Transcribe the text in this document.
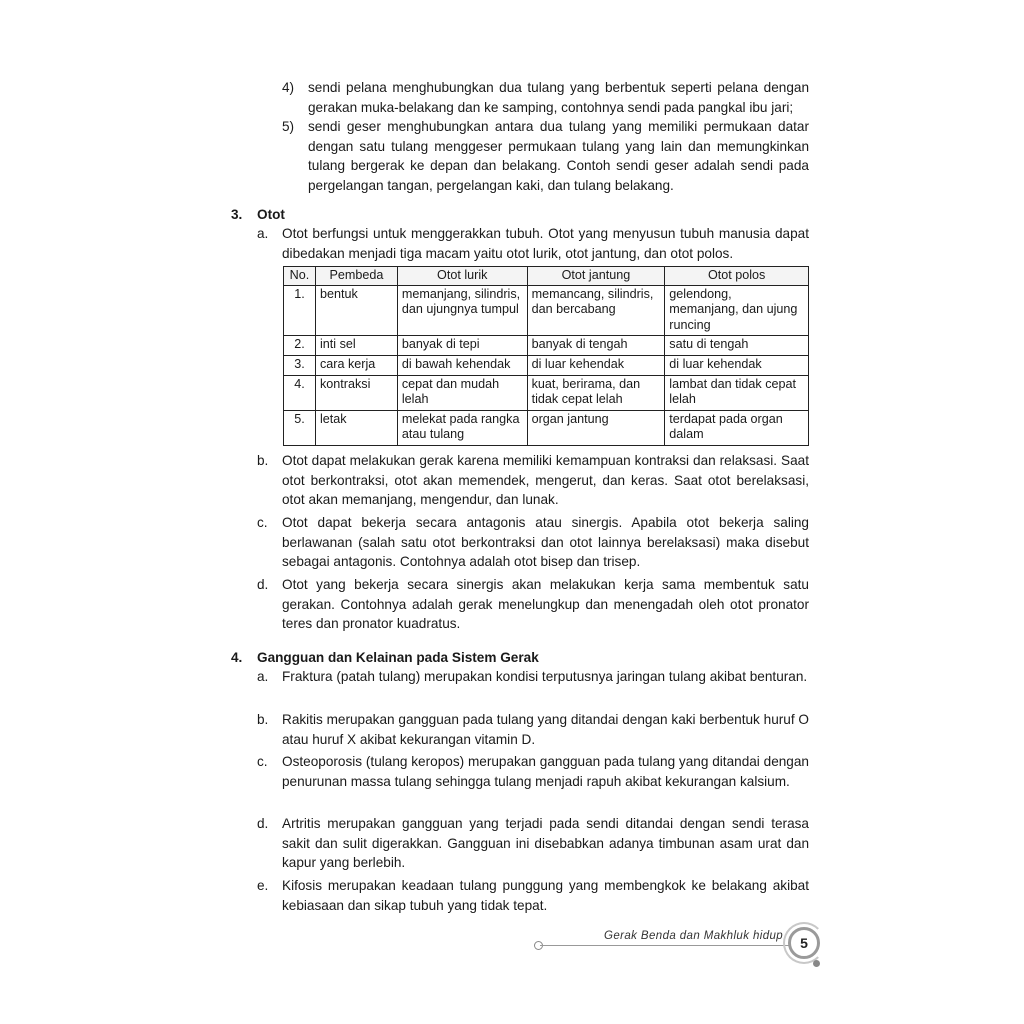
4) sendi pelana menghubungkan dua tulang yang berbentuk seperti pelana dengan gerakan muka-belakang dan ke samping, contohnya sendi pada pangkal ibu jari;
5) sendi geser menghubungkan antara dua tulang yang memiliki permukaan datar dengan satu tulang menggeser permukaan tulang yang lain dan memungkinkan tulang bergerak ke depan dan belakang. Contoh sendi geser adalah sendi pada pergelangan tangan, pergelangan kaki, dan tulang belakang.
3. Otot
a. Otot berfungsi untuk menggerakkan tubuh. Otot yang menyusun tubuh manusia dapat dibedakan menjadi tiga macam yaitu otot lurik, otot jantung, dan otot polos.
No.	Pembeda	Otot lurik	Otot jantung	Otot polos
1.	bentuk	memanjang, silindris, dan ujungnya tumpul	memancang, silindris, dan bercabang	gelendong, memanjang, dan ujung runcing
2.	inti sel	banyak di tepi	banyak di tengah	satu di tengah
3.	cara kerja	di bawah kehendak	di luar kehendak	di luar kehendak
4.	kontraksi	cepat dan mudah lelah	kuat, berirama, dan tidak cepat lelah	lambat dan tidak cepat lelah
5.	letak	melekat pada rangka atau tulang	organ jantung	terdapat pada organ dalam
b. Otot dapat melakukan gerak karena memiliki kemampuan kontraksi dan relaksasi. Saat otot berkontraksi, otot akan memendek, mengerut, dan keras. Saat otot berelaksasi, otot akan memanjang, mengendur, dan lunak.
c. Otot dapat bekerja secara antagonis atau sinergis. Apabila otot bekerja saling berlawanan (salah satu otot berkontraksi dan otot lainnya berelaksasi) maka disebut sebagai antagonis. Contohnya adalah otot bisep dan trisep.
d. Otot yang bekerja secara sinergis akan melakukan kerja sama membentuk satu gerakan. Contohnya adalah gerak menelungkup dan menengadah oleh otot pronator teres dan pronator kuadratus.
4. Gangguan dan Kelainan pada Sistem Gerak
a. Fraktura (patah tulang) merupakan kondisi terputusnya jaringan tulang akibat benturan.
b. Rakitis merupakan gangguan pada tulang yang ditandai dengan kaki berbentuk huruf O atau huruf X akibat kekurangan vitamin D.
c. Osteoporosis (tulang keropos) merupakan gangguan pada tulang yang ditandai dengan penurunan massa tulang sehingga tulang menjadi rapuh akibat kekurangan kalsium.
d. Artritis merupakan gangguan yang terjadi pada sendi ditandai dengan sendi terasa sakit dan sulit digerakkan. Gangguan ini disebabkan adanya timbunan asam urat dan kapur yang berlebih.
e. Kifosis merupakan keadaan tulang punggung yang membengkok ke belakang akibat kebiasaan dan sikap tubuh yang tidak tepat.
Gerak Benda dan Makhluk hidup	5
